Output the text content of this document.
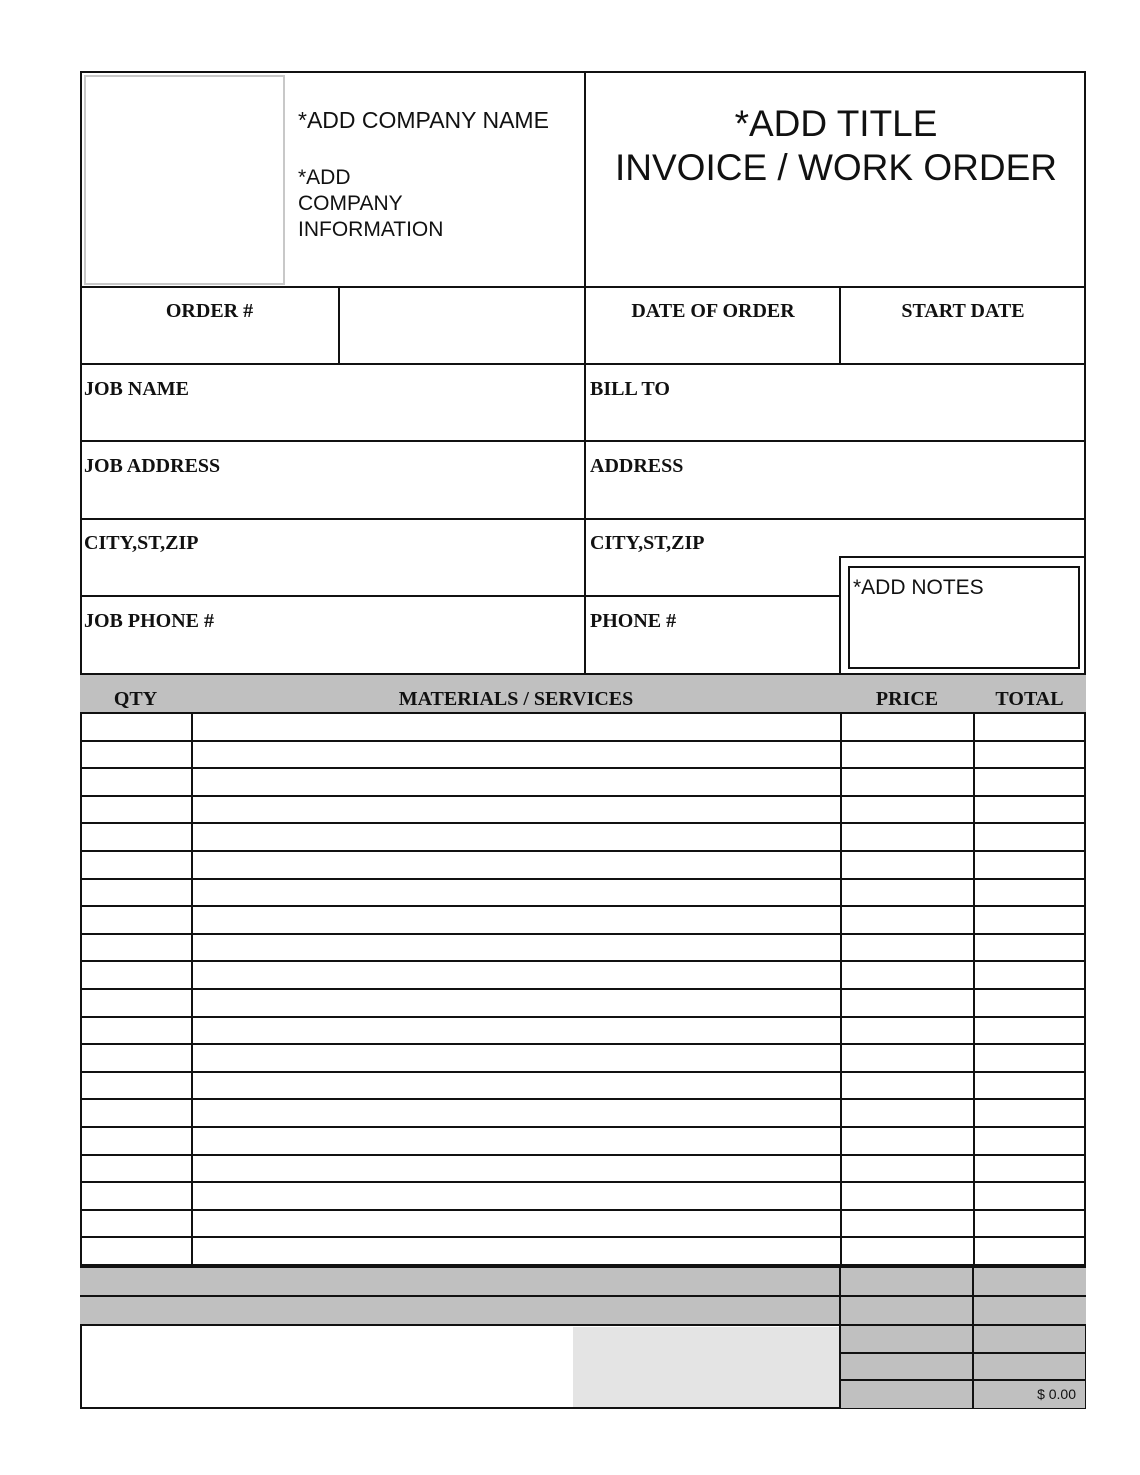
*ADD COMPANY NAME
*ADD
COMPANY
INFORMATION
*ADD TITLE
INVOICE / WORK ORDER
ORDER #	DATE OF ORDER	START DATE
JOB NAME	BILL TO
JOB ADDRESS	ADDRESS
CITY,ST,ZIP	CITY,ST,ZIP
JOB PHONE #	PHONE #
*ADD NOTES
QTY	MATERIALS / SERVICES	PRICE	TOTAL
$ 0.00
